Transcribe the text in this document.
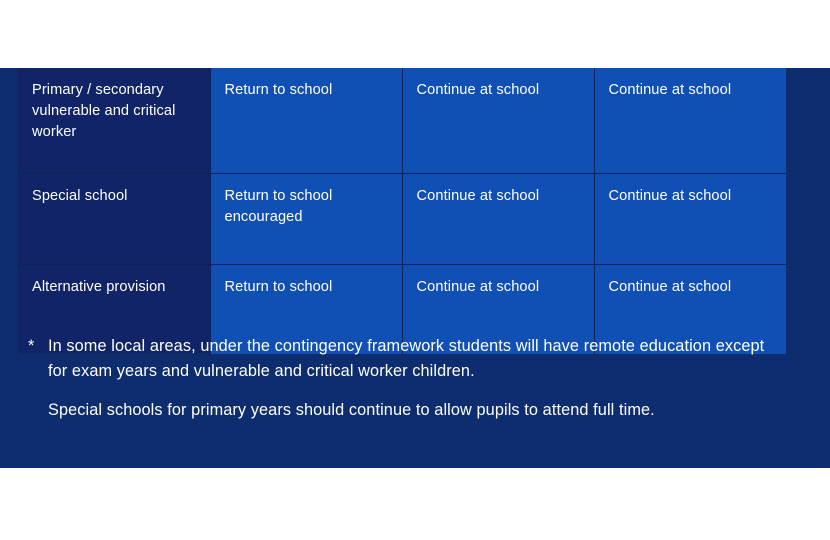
Primary / secondary vulnerable and critical worker	Return to school	Continue at school	Continue at school
Special school	Return to school encouraged	Continue at school	Continue at school
Alternative provision	Return to school	Continue at school	Continue at school
* In some local areas, under the contingency framework students will have remote education except for exam years and vulnerable and critical worker children.
Special schools for primary years should continue to allow pupils to attend full time.
